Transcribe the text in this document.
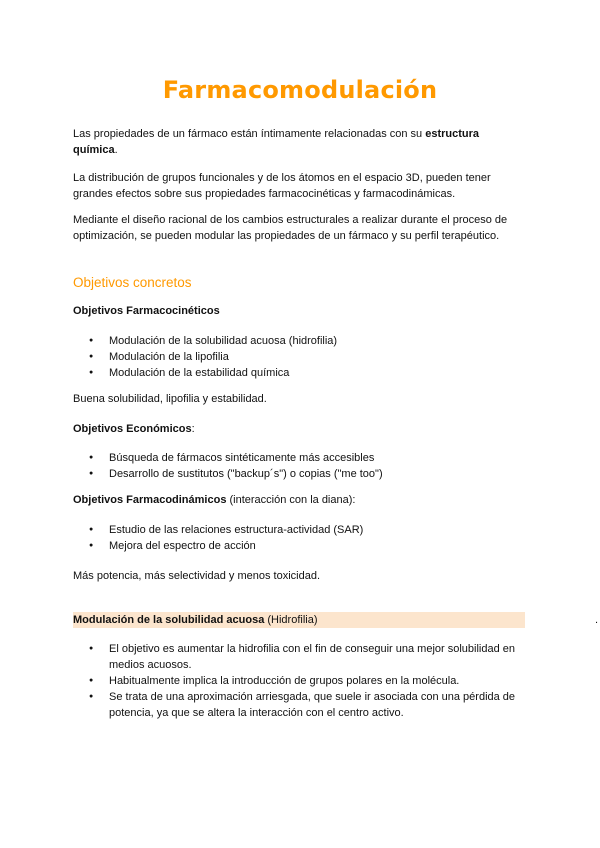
Farmacomodulación

Las propiedades de un fármaco están íntimamente relacionadas con su estructura química.

La distribución de grupos funcionales y de los átomos en el espacio 3D, pueden tener grandes efectos sobre sus propiedades farmacocinéticas y farmacodinámicas.

Mediante el diseño racional de los cambios estructurales a realizar durante el proceso de optimización, se pueden modular las propiedades de un fármaco y su perfil terapéutico.

Objetivos concretos
Objetivos Farmacocinéticos
● Modulación de la solubilidad acuosa (hidrofilia)
● Modulación de la lipofilia
● Modulación de la estabilidad química
Buena solubilidad, lipofilia y estabilidad.
Objetivos Económicos:
● Búsqueda de fármacos sintéticamente más accesibles
● Desarrollo de sustitutos ("backup´s") o copias ("me too")
Objetivos Farmacodinámicos (interacción con la diana):
● Estudio de las relaciones estructura-actividad (SAR)
● Mejora del espectro de acción
Más potencia, más selectividad y menos toxicidad.
Modulación de la solubilidad acuosa (Hidrofilia)	.
● El objetivo es aumentar la hidrofilia con el fin de conseguir una mejor solubilidad en medios acuosos.
● Habitualmente implica la introducción de grupos polares en la molécula.
● Se trata de una aproximación arriesgada, que suele ir asociada con una pérdida de potencia, ya que se altera la interacción con el centro activo.
